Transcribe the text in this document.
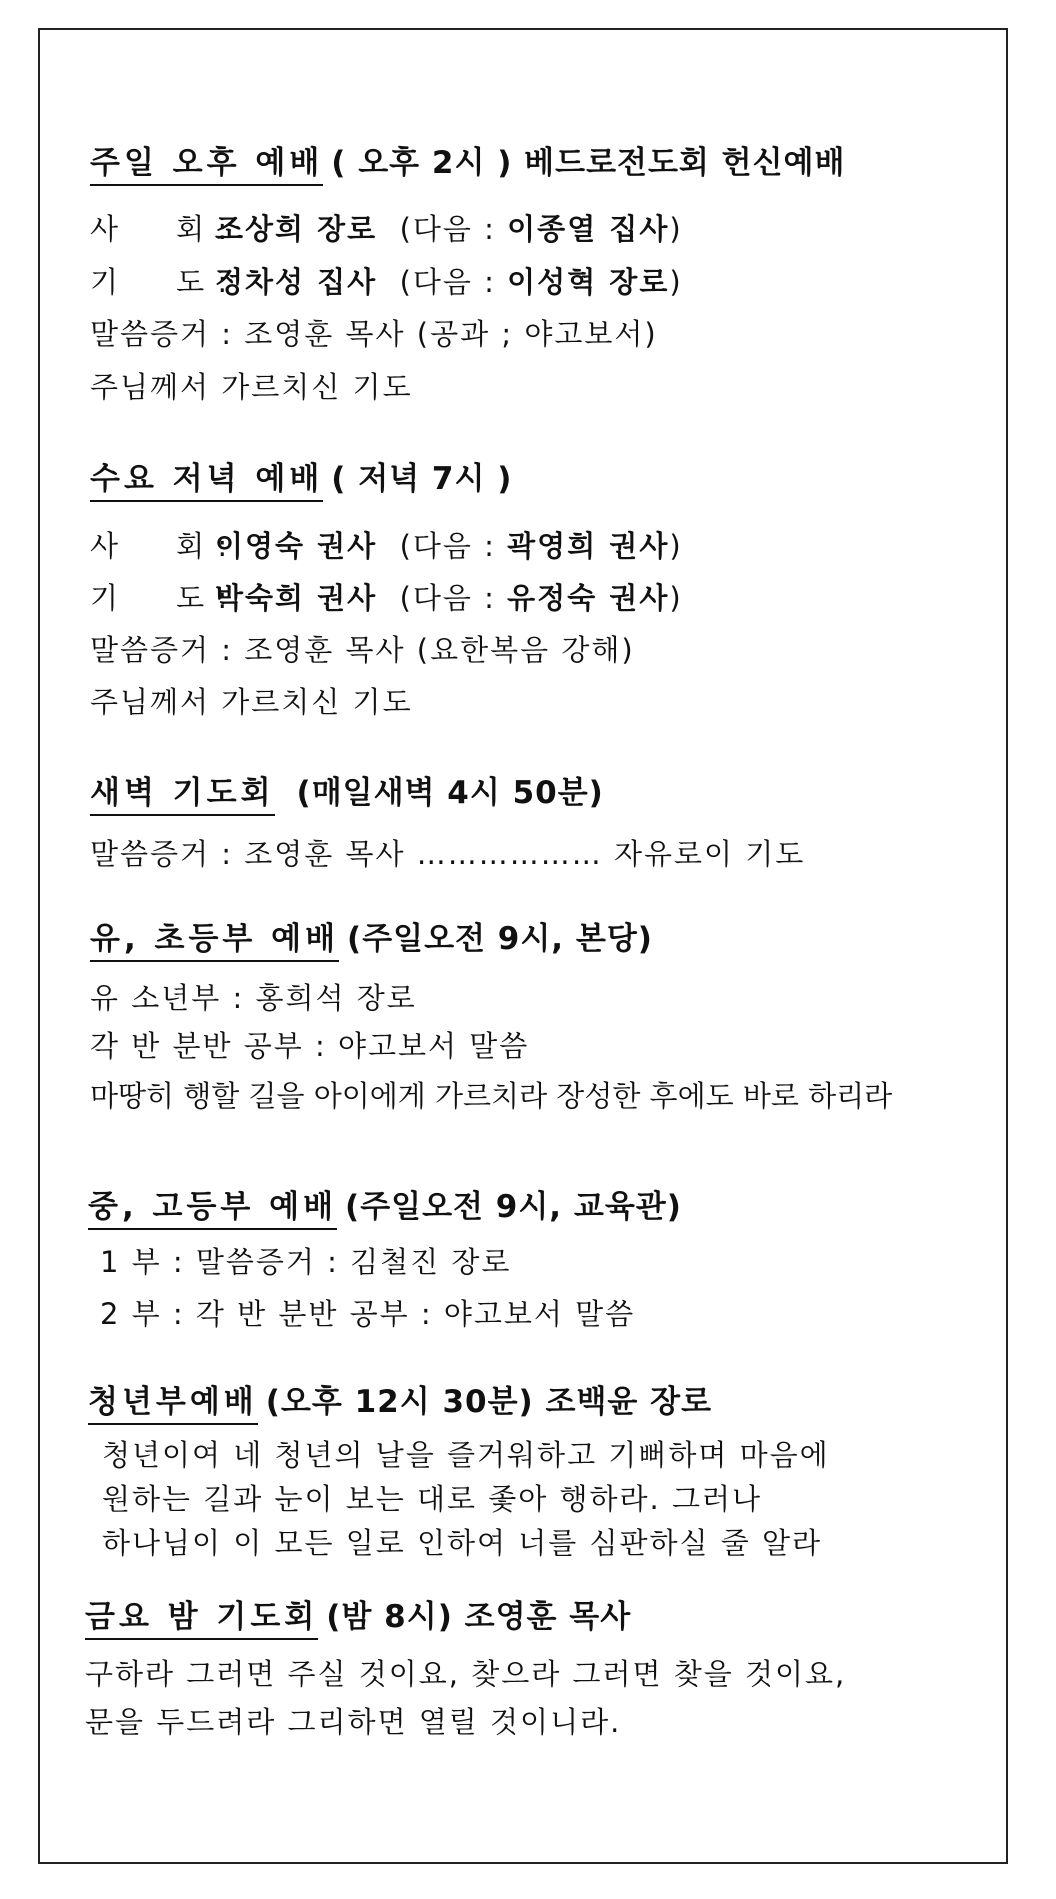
주일 오후 예배 ( 오후 2시 ) 베드로전도회 헌신예배
사     회 :조상희 장로 (다음 : 이종열 집사)
기     도 :정차성 집사 (다음 : 이성혁 장로)
말씀증거 : 조영훈 목사 (공과 ; 야고보서)
주님께서 가르치신 기도
수요 저녁 예배 ( 저녁 7시 )
사     회 :이영숙 권사 (다음 : 곽영희 권사)
기     도 :박숙희 권사 (다음 : 유정숙 권사)
말씀증거 : 조영훈 목사 (요한복음 강해)
주님께서 가르치신 기도
새벽 기도회 (매일새벽 4시 50분)
말씀증거 : 조영훈 목사 ……………… 자유로이 기도
유, 초등부 예배 (주일오전 9시, 본당)
유 소년부 : 홍희석 장로
각 반 분반 공부 : 야고보서 말씀
마땅히 행할 길을 아이에게 가르치라 장성한 후에도 바로 하리라
중, 고등부 예배 (주일오전 9시, 교육관)
1 부 : 말씀증거 : 김철진 장로
2 부 : 각 반 분반 공부 : 야고보서 말씀
청년부예배 (오후 12시 30분) 조백윤 장로
청년이여 네 청년의 날을 즐거워하고 기뻐하며 마음에
원하는 길과 눈이 보는 대로 좇아 행하라. 그러나
하나님이 이 모든 일로 인하여 너를 심판하실 줄 알라
금요 밤 기도회 (밤 8시) 조영훈 목사
구하라 그러면 주실 것이요, 찾으라 그러면 찾을 것이요,
문을 두드려라 그리하면 열릴 것이니라.
